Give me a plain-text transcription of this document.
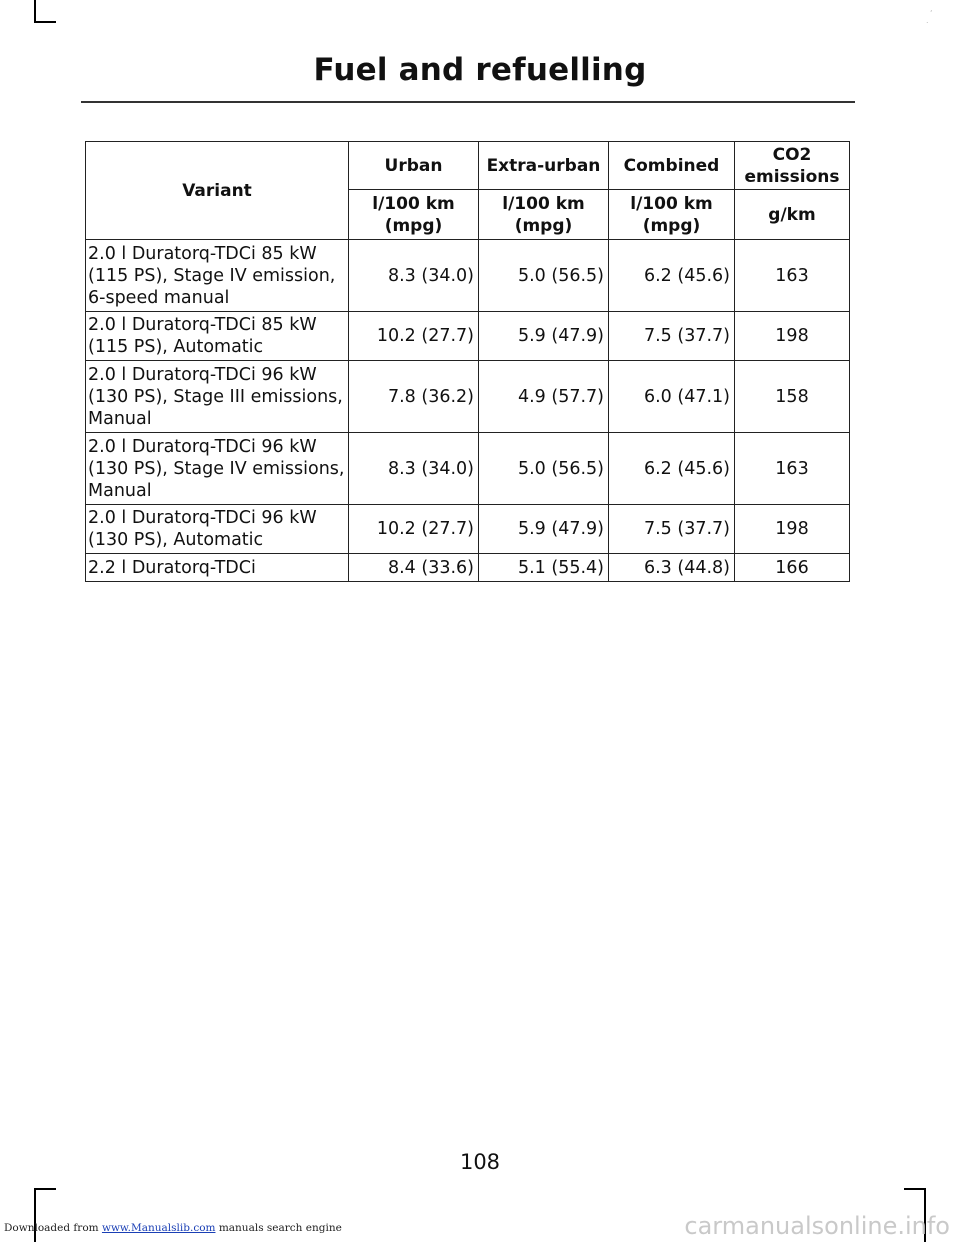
,
.
Fuel and refuelling
Variant	Urban	Extra-urban	Combined	CO2 emissions
	l/100 km (mpg)	l/100 km (mpg)	l/100 km (mpg)	g/km
2.0 l Duratorq-TDCi 85 kW (115 PS), Stage IV emission, 6-speed manual	8.3 (34.0)	5.0 (56.5)	6.2 (45.6)	163
2.0 l Duratorq-TDCi 85 kW (115 PS), Automatic	10.2 (27.7)	5.9 (47.9)	7.5 (37.7)	198
2.0 l Duratorq-TDCi 96 kW (130 PS), Stage III emissions, Manual	7.8 (36.2)	4.9 (57.7)	6.0 (47.1)	158
2.0 l Duratorq-TDCi 96 kW (130 PS), Stage IV emissions, Manual	8.3 (34.0)	5.0 (56.5)	6.2 (45.6)	163
2.0 l Duratorq-TDCi 96 kW (130 PS), Automatic	10.2 (27.7)	5.9 (47.9)	7.5 (37.7)	198
2.2 l Duratorq-TDCi	8.4 (33.6)	5.1 (55.4)	6.3 (44.8)	166
108
Downloaded from www.Manualslib.com manuals search engine	carmanualsonline.info
